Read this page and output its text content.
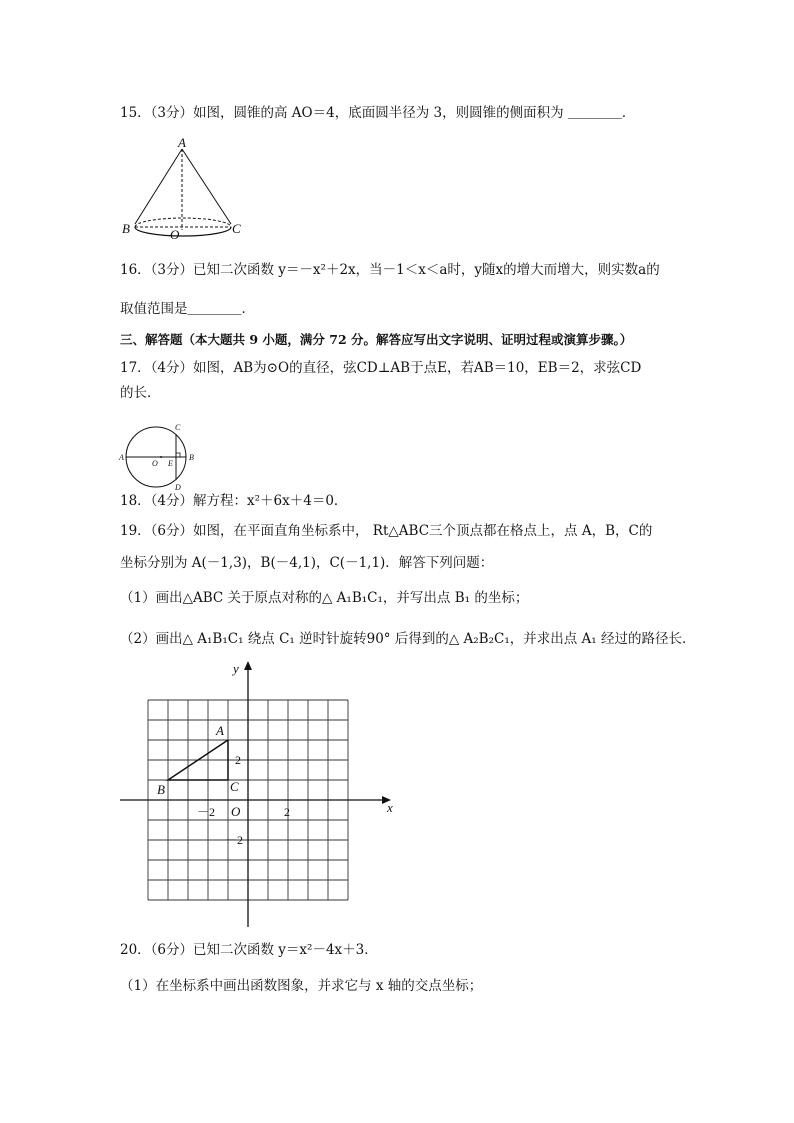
15．（3分）如图，圆锥的高 AO＝4，底面圆半径为 3，则圆锥的侧面积为 ＿＿＿＿．
A
B	C
O
16．（3分）已知二次函数 y＝－x²＋2x，当－1＜x＜a时，y随x的增大而增大，则实数a的
取值范围是＿＿＿＿．
三、解答题（本大题共 9 小题，满分 72 分。解答应写出文字说明、证明过程或演算步骤。）
17．（4分）如图，AB为⊙O的直径，弦CD⊥AB于点E，若AB＝10，EB＝2，求弦CD
的长．
A	B
C
D
O E
18．（4分）解方程：x²＋6x＋4＝0．
19．（6分）如图，在平面直角坐标系中， Rt△ABC三个顶点都在格点上，点 A，B，C的
坐标分别为 A(－1,3)，B(－4,1)，C(－1,1)．解答下列问题：
（1）画出△ABC 关于原点对称的△ A₁B₁C₁，并写出点 B₁ 的坐标；
（2）画出△ A₁B₁C₁ 绕点 C₁ 逆时针旋转90° 后得到的△ A₂B₂C₁，并求出点 A₁ 经过的路径长．
x
y
O
－2	2
2
－2
A
B	C
20．（6分）已知二次函数 y＝x²－4x＋3．
（1）在坐标系中画出函数图象，并求它与 x 轴的交点坐标；
